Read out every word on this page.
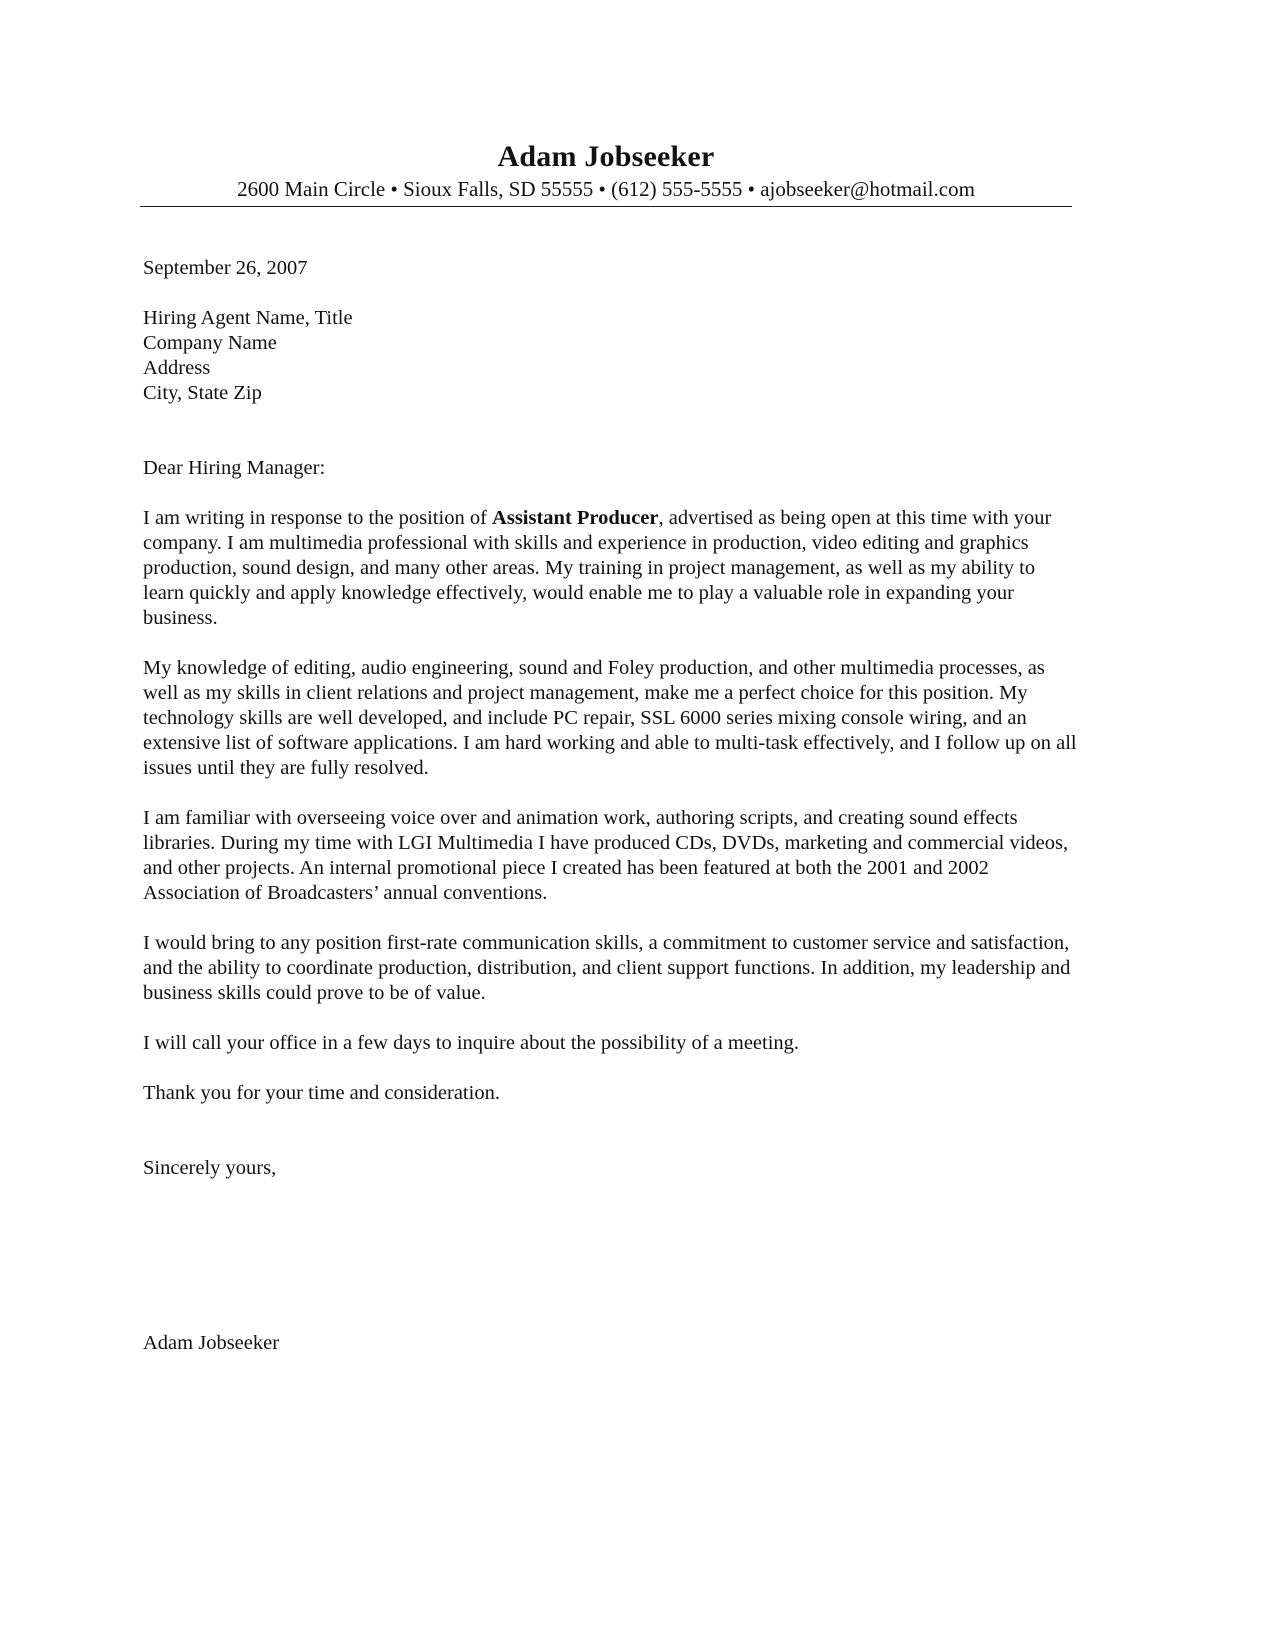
Adam Jobseeker
2600 Main Circle • Sioux Falls, SD 55555 • (612) 555-5555 • ajobseeker@hotmail.com

September 26, 2007

Hiring Agent Name, Title
Company Name
Address
City, State Zip

Dear Hiring Manager:

I am writing in response to the position of Assistant Producer, advertised as being open at this time with your company. I am multimedia professional with skills and experience in production, video editing and graphics production, sound design, and many other areas. My training in project management, as well as my ability to learn quickly and apply knowledge effectively, would enable me to play a valuable role in expanding your business.

My knowledge of editing, audio engineering, sound and Foley production, and other multimedia processes, as well as my skills in client relations and project management, make me a perfect choice for this position. My technology skills are well developed, and include PC repair, SSL 6000 series mixing console wiring, and an extensive list of software applications. I am hard working and able to multi-task effectively, and I follow up on all issues until they are fully resolved.

I am familiar with overseeing voice over and animation work, authoring scripts, and creating sound effects libraries. During my time with LGI Multimedia I have produced CDs, DVDs, marketing and commercial videos, and other projects. An internal promotional piece I created has been featured at both the 2001 and 2002 Association of Broadcasters’ annual conventions.

I would bring to any position first-rate communication skills, a commitment to customer service and satisfaction, and the ability to coordinate production, distribution, and client support functions. In addition, my leadership and business skills could prove to be of value.

I will call your office in a few days to inquire about the possibility of a meeting.

Thank you for your time and consideration.

Sincerely yours,

Adam Jobseeker
